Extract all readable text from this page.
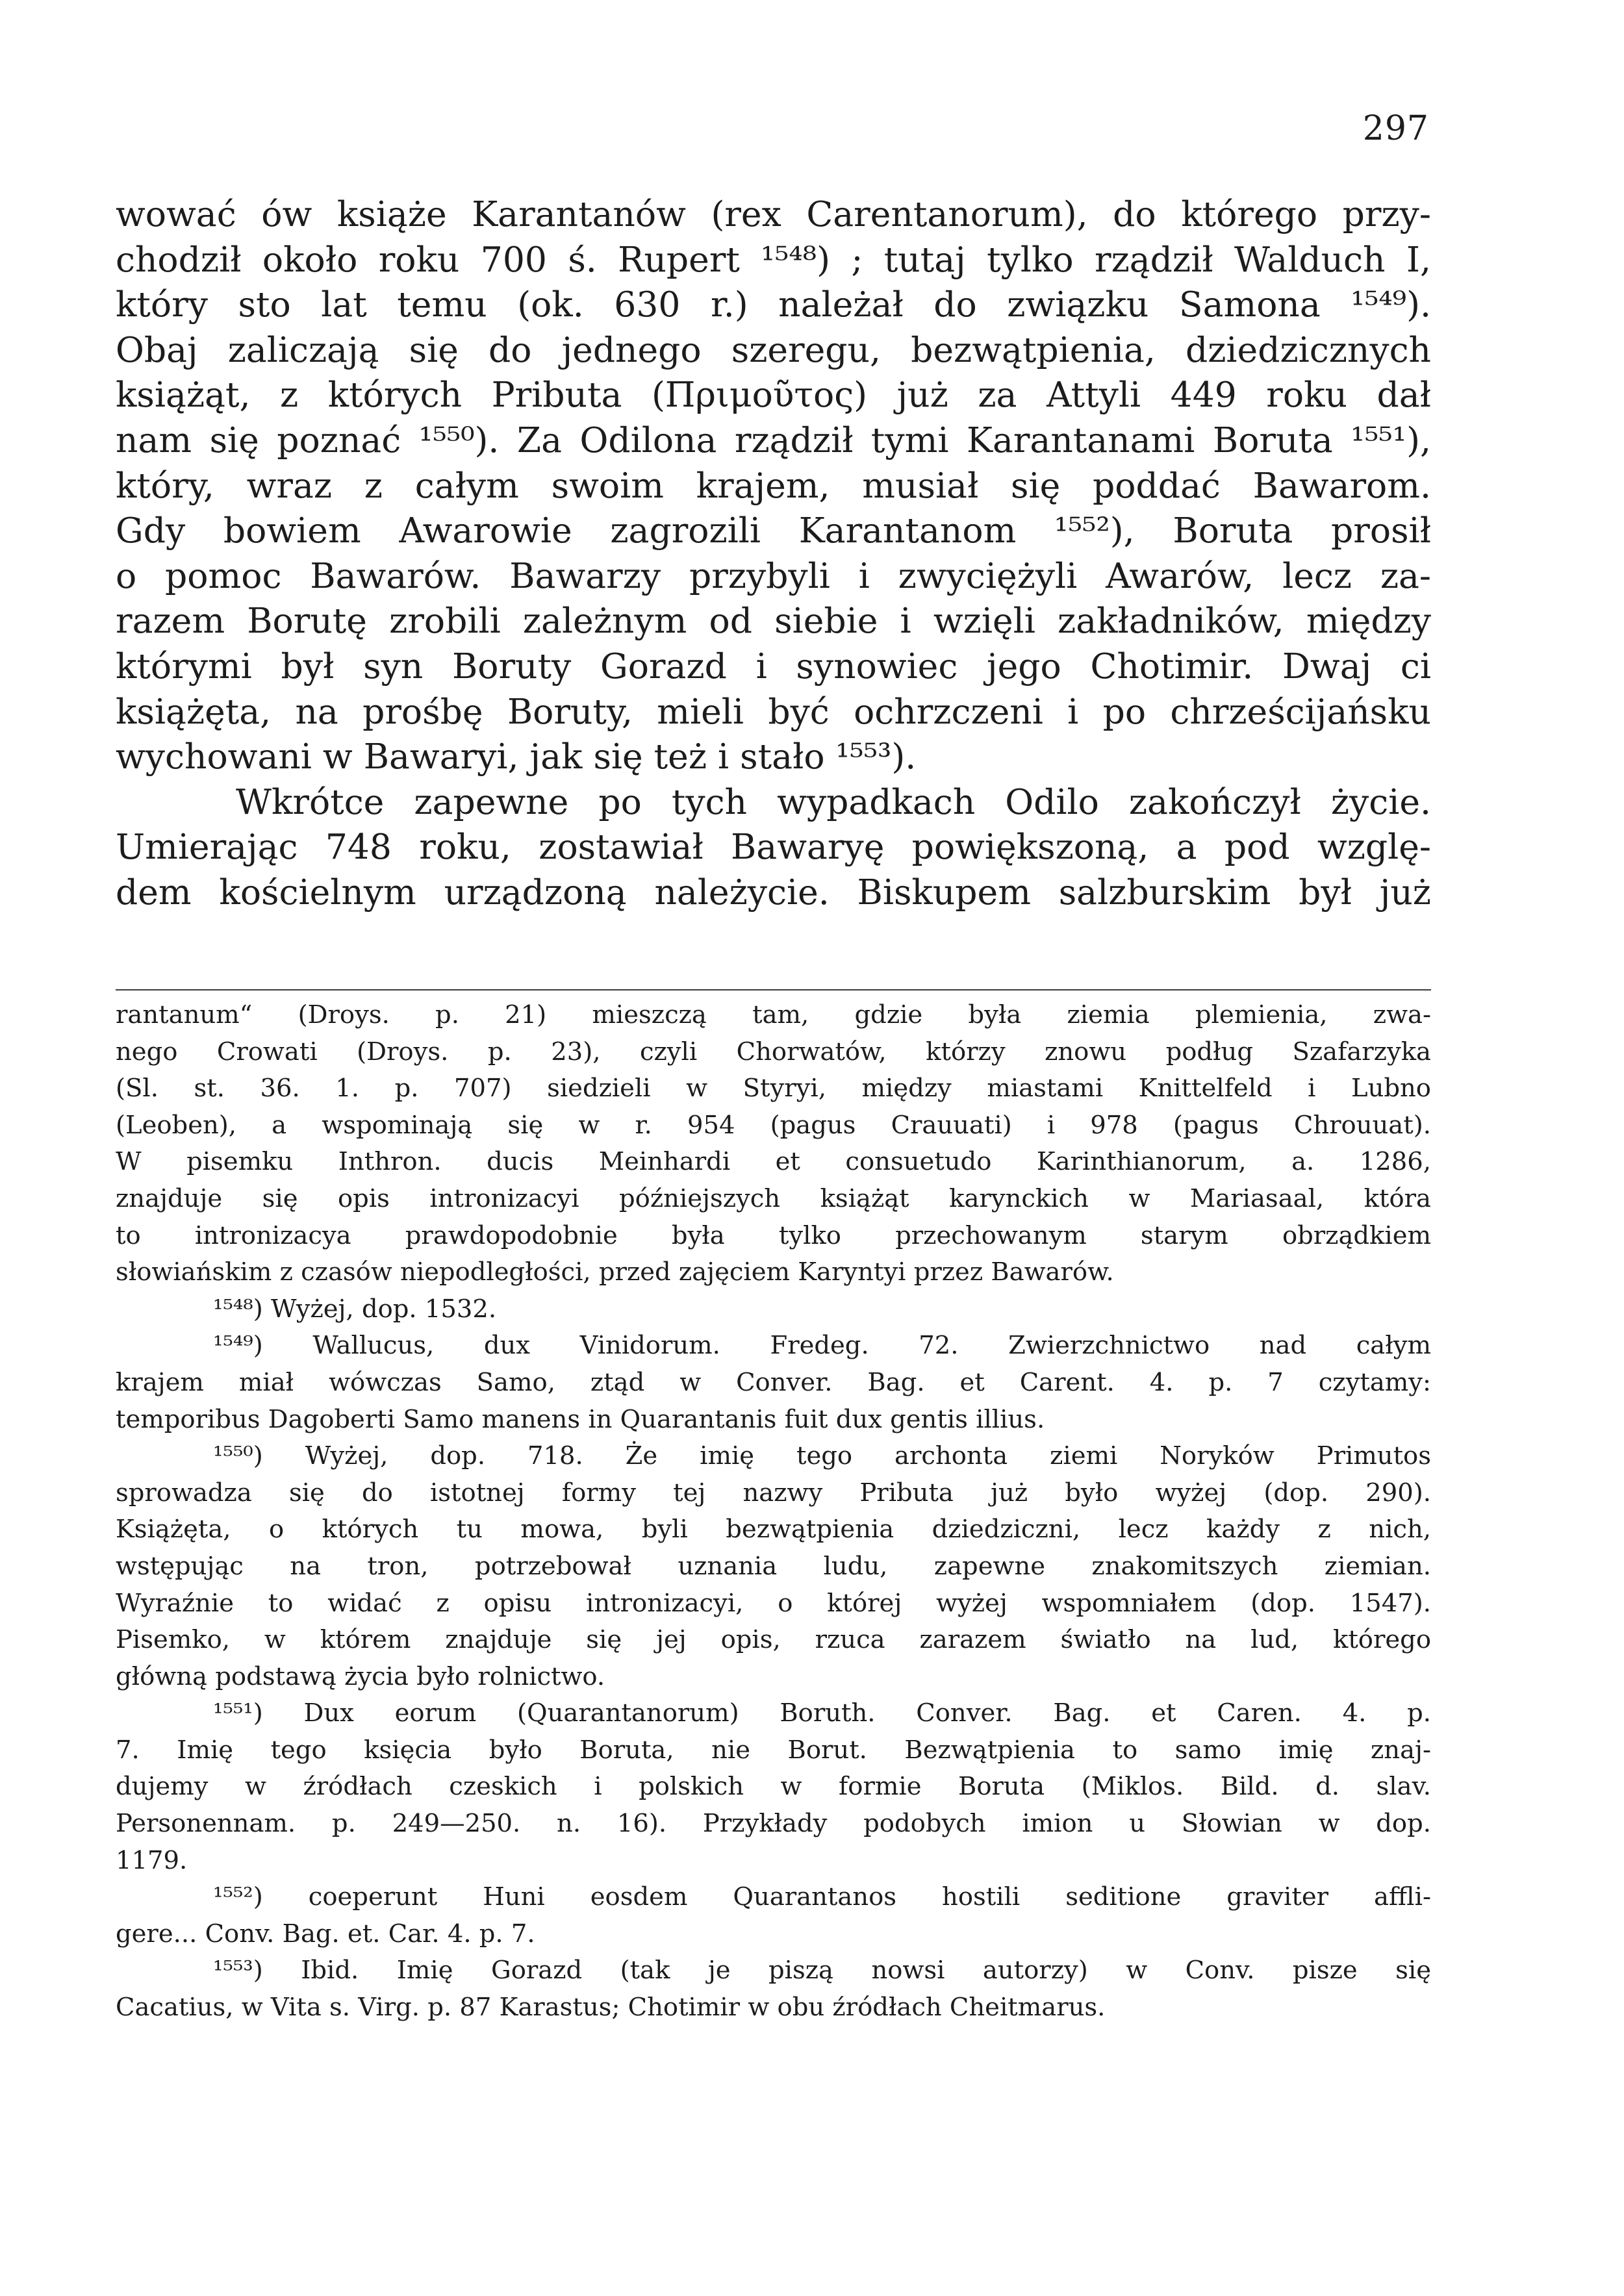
297

wować ów książe Karantanów (rex Carentanorum), do którego przy-

chodził około roku 700 ś. Rupert ¹⁵⁴⁸) ; tutaj tylko rządził Walduch I,

który sto lat temu (ok. 630 r.) należał do związku Samona ¹⁵⁴⁹).

Obaj zaliczają się do jednego szeregu, bezwątpienia, dziedzicznych

książąt, z których Pributa (Πριμοῦτος) już za Attyli 449 roku dał

nam się poznać ¹⁵⁵⁰). Za Odilona rządził tymi Karantanami Boruta ¹⁵⁵¹),

który, wraz z całym swoim krajem, musiał się poddać Bawarom.

Gdy bowiem Awarowie zagrozili Karantanom ¹⁵⁵²), Boruta prosił

o pomoc Bawarów. Bawarzy przybyli i zwyciężyli Awarów, lecz za-

razem Borutę zrobili zależnym od siebie i wzięli zakładników, między

którymi był syn Boruty Gorazd i synowiec jego Chotimir. Dwaj ci

książęta, na prośbę Boruty, mieli być ochrzczeni i po chrześcijańsku

wychowani w Bawaryi, jak się też i stało ¹⁵⁵³).

Wkrótce zapewne po tych wypadkach Odilo zakończył życie.

Umierając 748 roku, zostawiał Bawaryę powiększoną, a pod wzglę-

dem kościelnym urządzoną należycie. Biskupem salzburskim był już

rantanum“ (Droys. p. 21) mieszczą tam, gdzie była ziemia plemienia, zwa-

nego Crowati (Droys. p. 23), czyli Chorwatów, którzy znowu podług Szafarzyka

(Sl. st. 36. 1. p. 707) siedzieli w Styryi, między miastami Knittelfeld i Lubno

(Leoben), a wspominają się w r. 954 (pagus Crauuati) i 978 (pagus Chrouuat).

W pisemku Inthron. ducis Meinhardi et consuetudo Karinthianorum, a. 1286,

znajduje się opis intronizacyi późniejszych książąt karynckich w Mariasaal, która

to intronizacya prawdopodobnie była tylko przechowanym starym obrządkiem

słowiańskim z czasów niepodległości, przed zajęciem Karyntyi przez Bawarów.

¹⁵⁴⁸) Wyżej, dop. 1532.

¹⁵⁴⁹) Wallucus, dux Vinidorum. Fredeg. 72. Zwierzchnictwo nad całym

krajem miał wówczas Samo, ztąd w Conver. Bag. et Carent. 4. p. 7 czytamy:

temporibus Dagoberti Samo manens in Quarantanis fuit dux gentis illius.

¹⁵⁵⁰) Wyżej, dop. 718. Że imię tego archonta ziemi Noryków Primutos

sprowadza się do istotnej formy tej nazwy Pributa już było wyżej (dop. 290).

Książęta, o których tu mowa, byli bezwątpienia dziedziczni, lecz każdy z nich,

wstępując na tron, potrzebował uznania ludu, zapewne znakomitszych ziemian.

Wyraźnie to widać z opisu intronizacyi, o której wyżej wspomniałem (dop. 1547).

Pisemko, w którem znajduje się jej opis, rzuca zarazem światło na lud, którego

główną podstawą życia było rolnictwo.

¹⁵⁵¹) Dux eorum (Quarantanorum) Boruth. Conver. Bag. et Caren. 4. p.

7. Imię tego księcia było Boruta, nie Borut. Bezwątpienia to samo imię znaj-

dujemy w źródłach czeskich i polskich w formie Boruta (Miklos. Bild. d. slav.

Personennam. p. 249—250. n. 16). Przykłady podobych imion u Słowian w dop.

1179.

¹⁵⁵²) coeperunt Huni eosdem Quarantanos hostili seditione graviter affli-

gere... Conv. Bag. et. Car. 4. p. 7.

¹⁵⁵³) Ibid. Imię Gorazd (tak je piszą nowsi autorzy) w Conv. pisze się

Cacatius, w Vita s. Virg. p. 87 Karastus; Chotimir w obu źródłach Cheitmarus.
